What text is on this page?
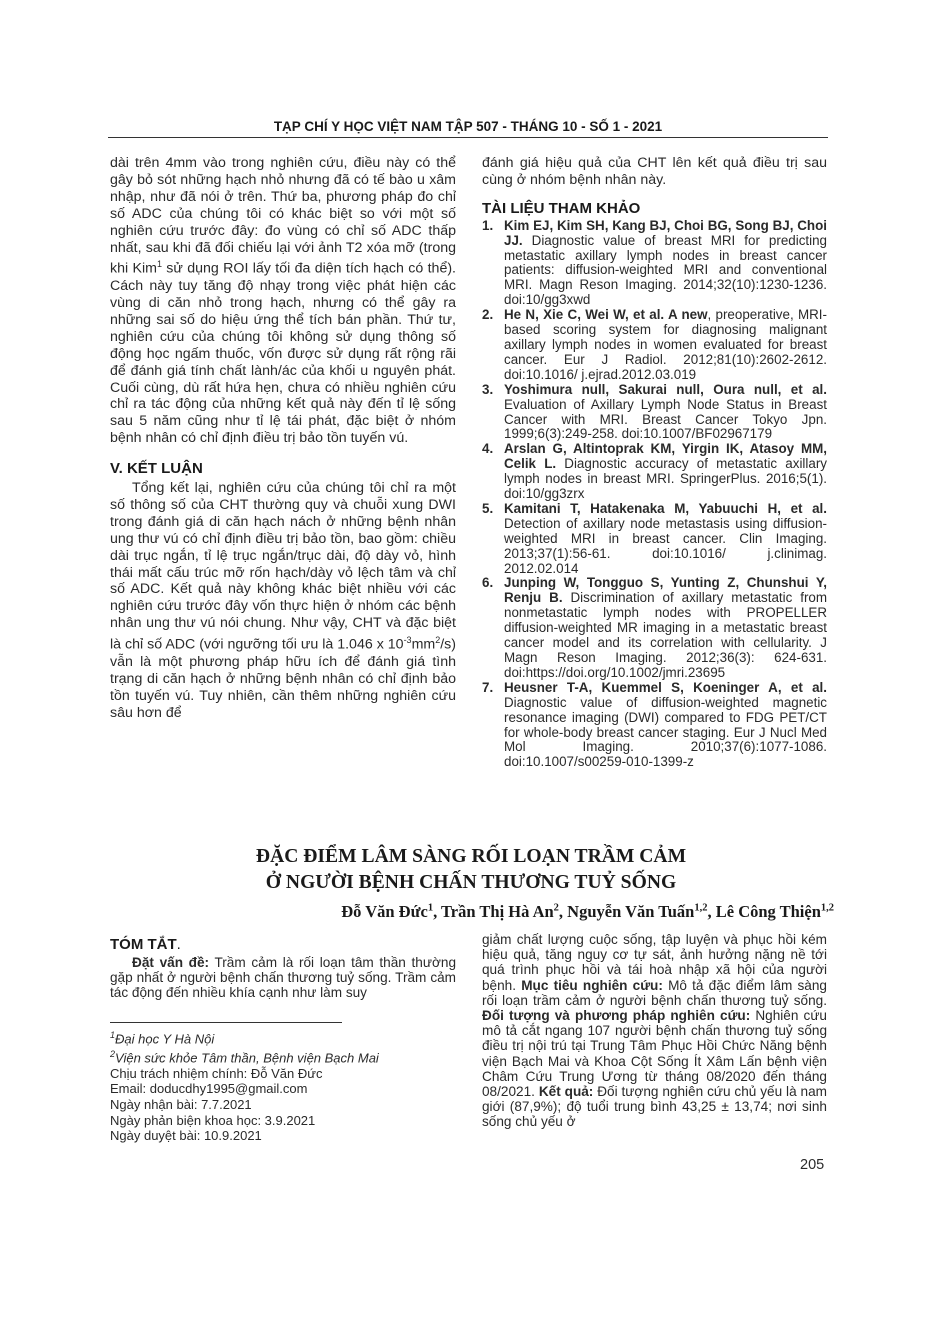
TẠP CHÍ Y HỌC VIỆT NAM TẬP 507 - THÁNG 10 - SỐ 1 - 2021

dài trên 4mm vào trong nghiên cứu, điều này có thể gây bỏ sót những hạch nhỏ nhưng đã có tế bào u xâm nhập, như đã nói ở trên. Thứ ba, phương pháp đo chỉ số ADC của chúng tôi có khác biệt so với một số nghiên cứu trước đây: đo vùng có chỉ số ADC thấp nhất, sau khi đã đối chiếu lại với ảnh T2 xóa mỡ (trong khi Kim$^1$ sử dụng ROI lấy tối đa diện tích hạch có thể). Cách này tuy tăng độ nhạy trong việc phát hiện các vùng di căn nhỏ trong hạch, nhưng có thể gây ra những sai số do hiệu ứng thể tích bán phần. Thứ tư, nghiên cứu của chúng tôi không sử dụng thông số động học ngấm thuốc, vốn được sử dụng rất rộng rãi để đánh giá tính chất lành/ác của khối u nguyên phát. Cuối cùng, dù rất hứa hẹn, chưa có nhiều nghiên cứu chỉ ra tác động của những kết quả này đến tỉ lệ sống sau 5 năm cũng như tỉ lệ tái phát, đặc biệt ở nhóm bệnh nhân có chỉ định điều trị bảo tồn tuyến vú.

V. KẾT LUẬN

Tổng kết lại, nghiên cứu của chúng tôi chỉ ra một số thông số của CHT thường quy và chuỗi xung DWI trong đánh giá di căn hạch nách ở những bệnh nhân ung thư vú có chỉ định điều trị bảo tồn, bao gồm: chiều dài trục ngắn, tỉ lệ trục ngắn/trục dài, độ dày vỏ, hình thái mất cấu trúc mỡ rốn hạch/dày vỏ lệch tâm và chỉ số ADC. Kết quả này không khác biệt nhiều với các nghiên cứu trước đây vốn thực hiện ở nhóm các bệnh nhân ung thư vú nói chung. Như vậy, CHT và đặc biệt là chỉ số ADC (với ngưỡng tối ưu là 1.046 x $10^{-3}mm^2/s$) vẫn là một phương pháp hữu ích để đánh giá tình trạng di căn hạch ở những bệnh nhân có chỉ định bảo tồn tuyến vú. Tuy nhiên, cần thêm những nghiên cứu sâu hơn để

đánh giá hiệu quả của CHT lên kết quả điều trị sau cùng ở nhóm bệnh nhân này.

TÀI LIỆU THAM KHẢO
1. Kim EJ, Kim SH, Kang BJ, Choi BG, Song BJ, Choi JJ. Diagnostic value of breast MRI for predicting metastatic axillary lymph nodes in breast cancer patients: diffusion-weighted MRI and conventional MRI. Magn Reson Imaging. 2014;32(10):1230-1236. doi:10/gg3xwd
2. He N, Xie C, Wei W, et al. A new, preoperative, MRI-based scoring system for diagnosing malignant axillary lymph nodes in women evaluated for breast cancer. Eur J Radiol. 2012;81(10):2602-2612. doi:10.1016/ j.ejrad.2012.03.019
3. Yoshimura null, Sakurai null, Oura null, et al. Evaluation of Axillary Lymph Node Status in Breast Cancer with MRI. Breast Cancer Tokyo Jpn. 1999;6(3):249-258. doi:10.1007/BF02967179
4. Arslan G, Altintoprak KM, Yirgin IK, Atasoy MM, Celik L. Diagnostic accuracy of metastatic axillary lymph nodes in breast MRI. SpringerPlus. 2016;5(1). doi:10/gg3zrx
5. Kamitani T, Hatakenaka M, Yabuuchi H, et al. Detection of axillary node metastasis using diffusion-weighted MRI in breast cancer. Clin Imaging. 2013;37(1):56-61. doi:10.1016/ j.clinimag. 2012.02.014
6. Junping W, Tongguo S, Yunting Z, Chunshui Y, Renju B. Discrimination of axillary metastatic from nonmetastatic lymph nodes with PROPELLER diffusion-weighted MR imaging in a metastatic breast cancer model and its correlation with cellularity. J Magn Reson Imaging. 2012;36(3): 624-631. doi:https://doi.org/10.1002/jmri.23695
7. Heusner T-A, Kuemmel S, Koeninger A, et al. Diagnostic value of diffusion-weighted magnetic resonance imaging (DWI) compared to FDG PET/CT for whole-body breast cancer staging. Eur J Nucl Med Mol Imaging. 2010;37(6):1077-1086. doi:10.1007/s00259-010-1399-z
ĐẶC ĐIỂM LÂM SÀNG RỐI LOẠN TRẦM CẢM
Ở NGƯỜI BỆNH CHẤN THƯƠNG TUỶ SỐNG
Đỗ Văn Đức$^1$, Trần Thị Hà An$^2$, Nguyễn Văn Tuấn$^{1,2}$, Lê Công Thiện$^{1,2}$
TÓM TẮT.

Đặt vấn đề: Trầm cảm là rối loạn tâm thần thường gặp nhất ở người bệnh chấn thương tuỷ sống. Trầm cảm tác động đến nhiều khía cạnh như làm suy

giảm chất lượng cuộc sống, tập luyện và phục hồi kém hiệu quả, tăng nguy cơ tự sát, ảnh hưởng nặng nề tới quá trình phục hồi và tái hoà nhập xã hội của người bệnh. Mục tiêu nghiên cứu: Mô tả đặc điểm lâm sàng rối loạn trầm cảm ở người bệnh chấn thương tuỷ sống. Đối tượng và phương pháp nghiên cứu: Nghiên cứu mô tả cắt ngang 107 người bệnh chấn thương tuỷ sống điều trị nội trú tại Trung Tâm Phục Hồi Chức Năng bệnh viện Bạch Mai và Khoa Cột Sống Ít Xâm Lấn bệnh viện Châm Cứu Trung Ương từ tháng 08/2020 đến tháng 08/2021. Kết quả: Đối tượng nghiên cứu chủ yếu là nam giới (87,9%); độ tuổi trung bình 43,25 ± 13,74; nơi sinh sống chủ yếu ở

$^1$Đại học Y Hà Nội
$^2$Viện sức khỏe Tâm thần, Bệnh viện Bạch Mai
Chịu trách nhiệm chính: Đỗ Văn Đức
Email: doducdhy1995@gmail.com
Ngày nhận bài: 7.7.2021
Ngày phản biện khoa học: 3.9.2021
Ngày duyệt bài: 10.9.2021
205
